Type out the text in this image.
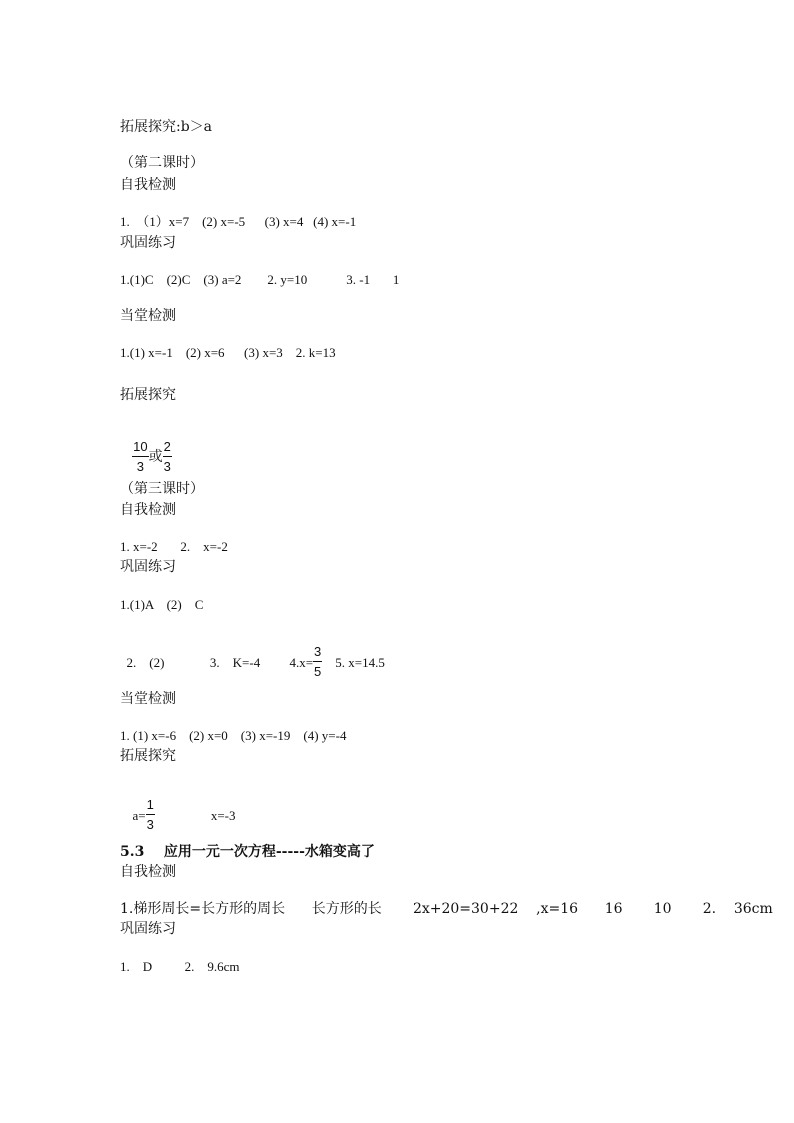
拓展探究:b＞a
（第二课时）
自我检测
1.  （1）x=7    (2) x=-5      (3) x=4   (4) x=-1
巩固练习
1.(1)C    (2)C    (3) a=2        2. y=10            3. -1       1
当堂检测
1.(1) x=-1    (2) x=6      (3) x=3    2. k=13
拓展探究

$\frac{10}{3}$ 或 $\frac{2}{3}$

（第三课时）
自我检测
1. x=-2       2.    x=-2
巩固练习
1.(1)A    (2)    C

2.    (2)              3.    K=-4         $4.x= \frac{3}{5} 5$. x=14.5

当堂检测
1. (1) x=-6    (2) x=0    (3) x=-19    (4) y=-4
拓展探究

$a= \frac{1}{3}$	x=-3

5.3    应用一元一次方程-----水箱变高了
自我检测
1.梯形周长=长方形的周长      长方形的长       2x+20=30+22    ,x=16      16       10       2.    36cm
巩固练习
1.    D          2.    9.6cm
